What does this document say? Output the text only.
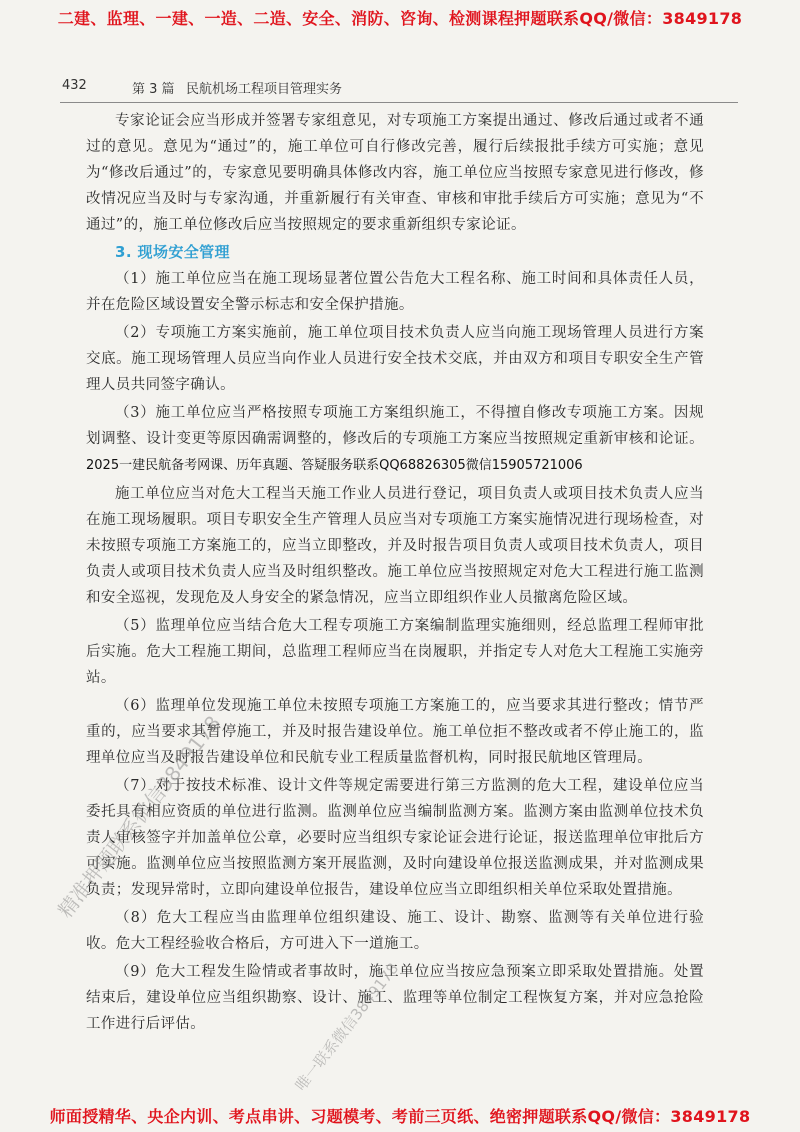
二建、监理、一建、一造、二造、安全、消防、咨询、检测课程押题联系QQ/微信：3849178
432	第 3 篇 民航机场工程项目管理实务

专家论证会应当形成并签署专家组意见，对专项施工方案提出通过、修改后通过或者不通过的意见。意见为“通过”的，施工单位可自行修改完善，履行后续报批手续方可实施；意见为“修改后通过”的，专家意见要明确具体修改内容，施工单位应当按照专家意见进行修改，修改情况应当及时与专家沟通，并重新履行有关审查、审核和审批手续后方可实施；意见为“不通过”的，施工单位修改后应当按照规定的要求重新组织专家论证。

3. 现场安全管理

（1）施工单位应当在施工现场显著位置公告危大工程名称、施工时间和具体责任人员，并在危险区域设置安全警示标志和安全保护措施。

（2）专项施工方案实施前，施工单位项目技术负责人应当向施工现场管理人员进行方案交底。施工现场管理人员应当向作业人员进行安全技术交底，并由双方和项目专职安全生产管理人员共同签字确认。

（3）施工单位应当严格按照专项施工方案组织施工，不得擅自修改专项施工方案。因规划调整、设计变更等原因确需调整的，修改后的专项施工方案应当按照规定重新审核和论证。2025一建民航备考网课、历年真题、答疑服务联系QQ68826305微信15905721006

施工单位应当对危大工程当天施工作业人员进行登记，项目负责人或项目技术负责人应当在施工现场履职。项目专职安全生产管理人员应当对专项施工方案实施情况进行现场检查，对未按照专项施工方案施工的，应当立即整改，并及时报告项目负责人或项目技术负责人，项目负责人或项目技术负责人应当及时组织整改。施工单位应当按照规定对危大工程进行施工监测和安全巡视，发现危及人身安全的紧急情况，应当立即组织作业人员撤离危险区域。

（5）监理单位应当结合危大工程专项施工方案编制监理实施细则，经总监理工程师审批后实施。危大工程施工期间，总监理工程师应当在岗履职，并指定专人对危大工程施工实施旁站。

（6）监理单位发现施工单位未按照专项施工方案施工的，应当要求其进行整改；情节严重的，应当要求其暂停施工，并及时报告建设单位。施工单位拒不整改或者不停止施工的，监理单位应当及时报告建设单位和民航专业工程质量监督机构，同时报民航地区管理局。

（7）对于按技术标准、设计文件等规定需要进行第三方监测的危大工程，建设单位应当委托具有相应资质的单位进行监测。监测单位应当编制监测方案。监测方案由监测单位技术负责人审核签字并加盖单位公章，必要时应当组织专家论证会进行论证，报送监理单位审批后方可实施。监测单位应当按照监测方案开展监测，及时向建设单位报送监测成果，并对监测成果负责；发现异常时，立即向建设单位报告，建设单位应当立即组织相关单位采取处置措施。

（8）危大工程应当由监理单位组织建设、施工、设计、勘察、监测等有关单位进行验收。危大工程经验收合格后，方可进入下一道施工。

（9）危大工程发生险情或者事故时，施工单位应当按应急预案立即采取处置措施。处置结束后，建设单位应当组织勘察、设计、施工、监理等单位制定工程恢复方案，并对应急抢险工作进行后评估。

精准押题联系微信3849178
唯一联系微信3849178
师面授精华、央企内训、考点串讲、习题模考、考前三页纸、绝密押题联系QQ/微信：3849178
